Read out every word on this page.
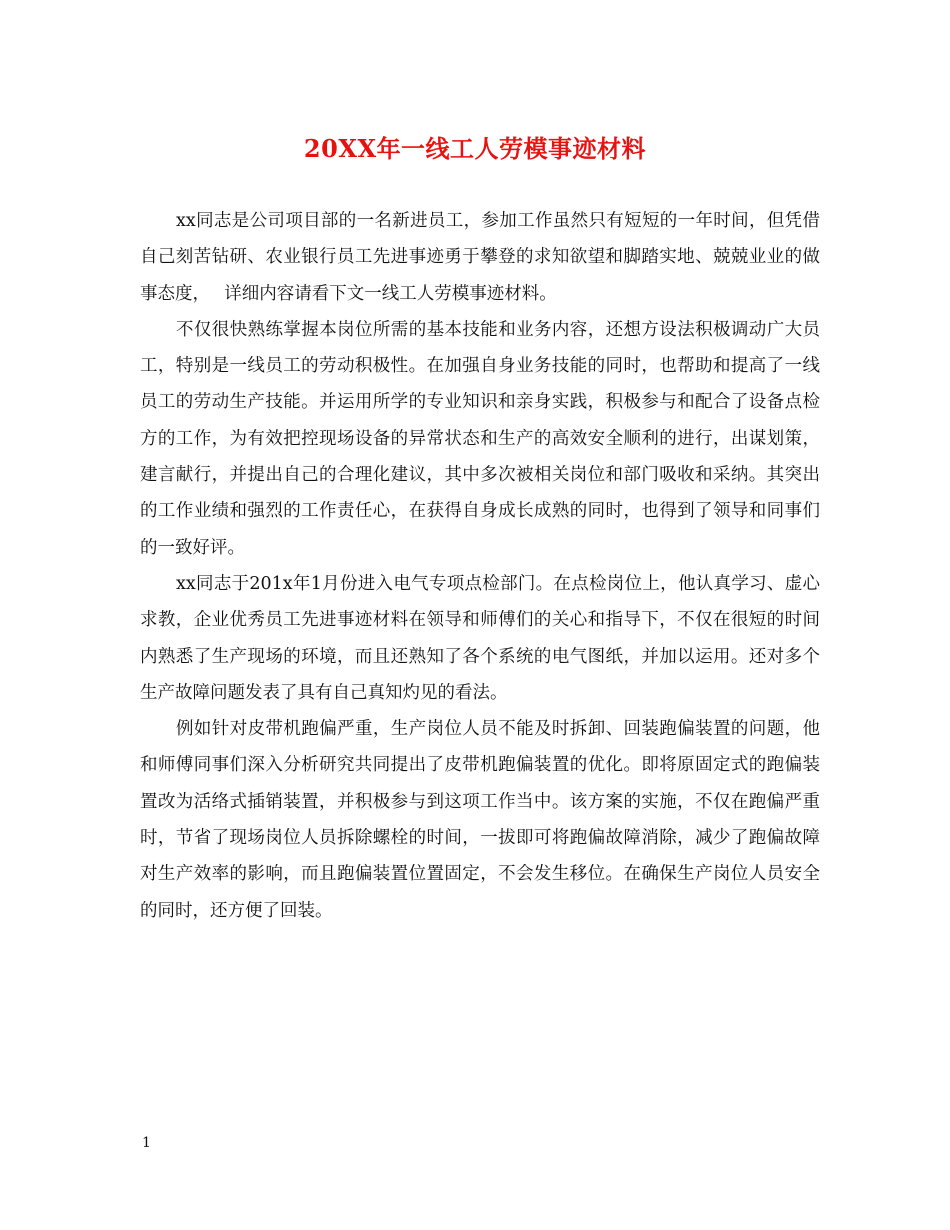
20XX年一线工人劳模事迹材料

xx同志是公司项目部的一名新进员工，参加工作虽然只有短短的一年时间，但凭借自己刻苦钻研、农业银行员工先进事迹勇于攀登的求知欲望和脚踏实地、兢兢业业的做事态度，　 详细内容请看下文一线工人劳模事迹材料。

不仅很快熟练掌握本岗位所需的基本技能和业务内容，还想方设法积极调动广大员工，特别是一线员工的劳动积极性。在加强自身业务技能的同时，也帮助和提高了一线员工的劳动生产技能。并运用所学的专业知识和亲身实践，积极参与和配合了设备点检方的工作，为有效把控现场设备的异常状态和生产的高效安全顺利的进行，出谋划策，建言献行，并提出自己的合理化建议，其中多次被相关岗位和部门吸收和采纳。其突出的工作业绩和强烈的工作责任心，在获得自身成长成熟的同时，也得到了领导和同事们的一致好评。

xx同志于201x年1月份进入电气专项点检部门。在点检岗位上，他认真学习、虚心求教，企业优秀员工先进事迹材料在领导和师傅们的关心和指导下，不仅在很短的时间内熟悉了生产现场的环境，而且还熟知了各个系统的电气图纸，并加以运用。还对多个生产故障问题发表了具有自己真知灼见的看法。

例如针对皮带机跑偏严重，生产岗位人员不能及时拆卸、回装跑偏装置的问题，他和师傅同事们深入分析研究共同提出了皮带机跑偏装置的优化。即将原固定式的跑偏装置改为活络式插销装置，并积极参与到这项工作当中。该方案的实施，不仅在跑偏严重时，节省了现场岗位人员拆除螺栓的时间，一拔即可将跑偏故障消除，减少了跑偏故障对生产效率的影响，而且跑偏装置位置固定，不会发生移位。在确保生产岗位人员安全的同时，还方便了回装。

1
